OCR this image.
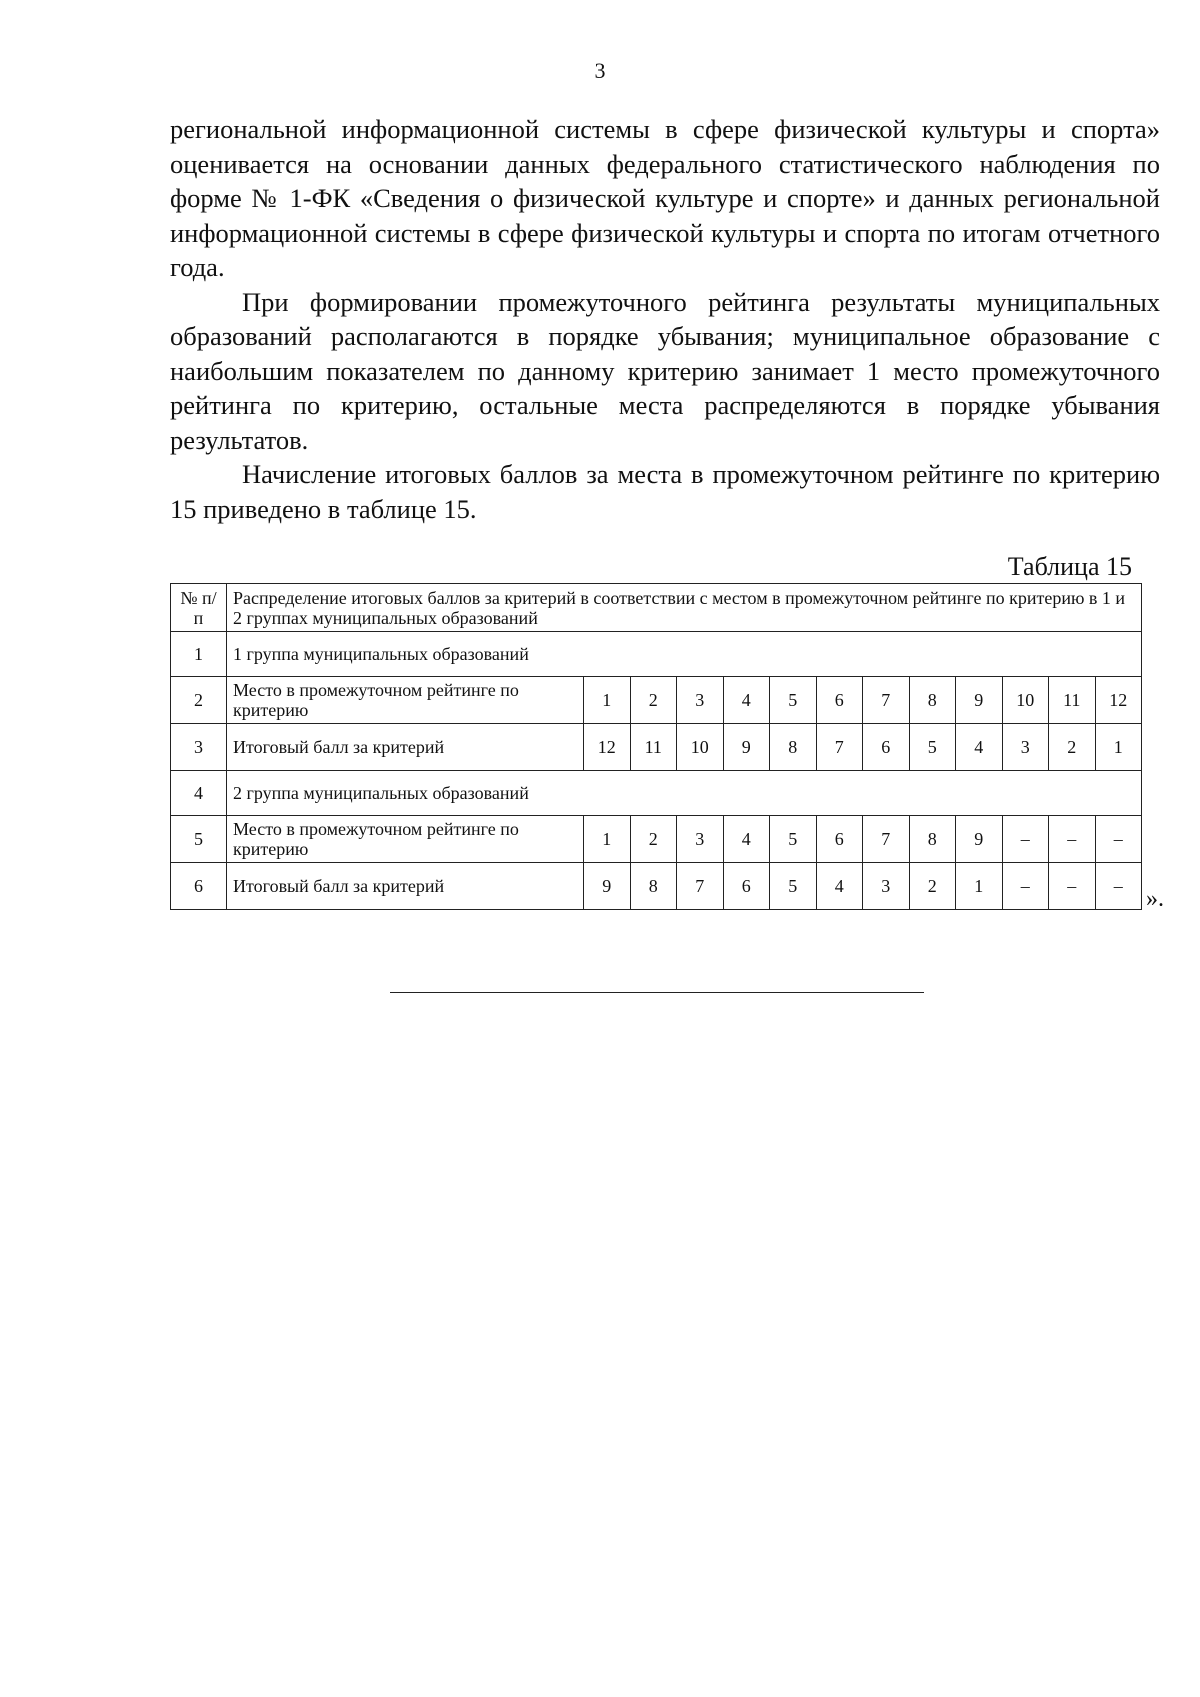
3

региональной информационной системы в сфере физической культуры и спорта» оценивается на основании данных федерального статистического наблюдения по форме № 1-ФК «Сведения о физической культуре и спорте» и данных региональной информационной системы в сфере физической культуры и спорта по итогам отчетного года.

При формировании промежуточного рейтинга результаты муниципальных образований располагаются в порядке убывания; муниципальное образование с наибольшим показателем по данному критерию занимает 1 место промежуточного рейтинга по критерию, остальные места распределяются в порядке убывания результатов.

Начисление итоговых баллов за места в промежуточном рейтинге по критерию 15 приведено в таблице 15.

Таблица 15
№ п/п	Распределение итоговых баллов за критерий в соответствии с местом в промежуточном рейтинге по критерию в 1 и 2 группах муниципальных образований												
1	1 группа муниципальных образований												
2	Место в промежуточном рейтинге по критерию	1	2	3	4	5	6	7	8	9	10	11	12
3	Итоговый балл за критерий	12	11	10	9	8	7	6	5	4	3	2	1
4	2 группа муниципальных образований												
5	Место в промежуточном рейтинге по критерию	1	2	3	4	5	6	7	8	9	–	–	–
6	Итоговый балл за критерий	9	8	7	6	5	4	3	2	1	–	–	– ».
